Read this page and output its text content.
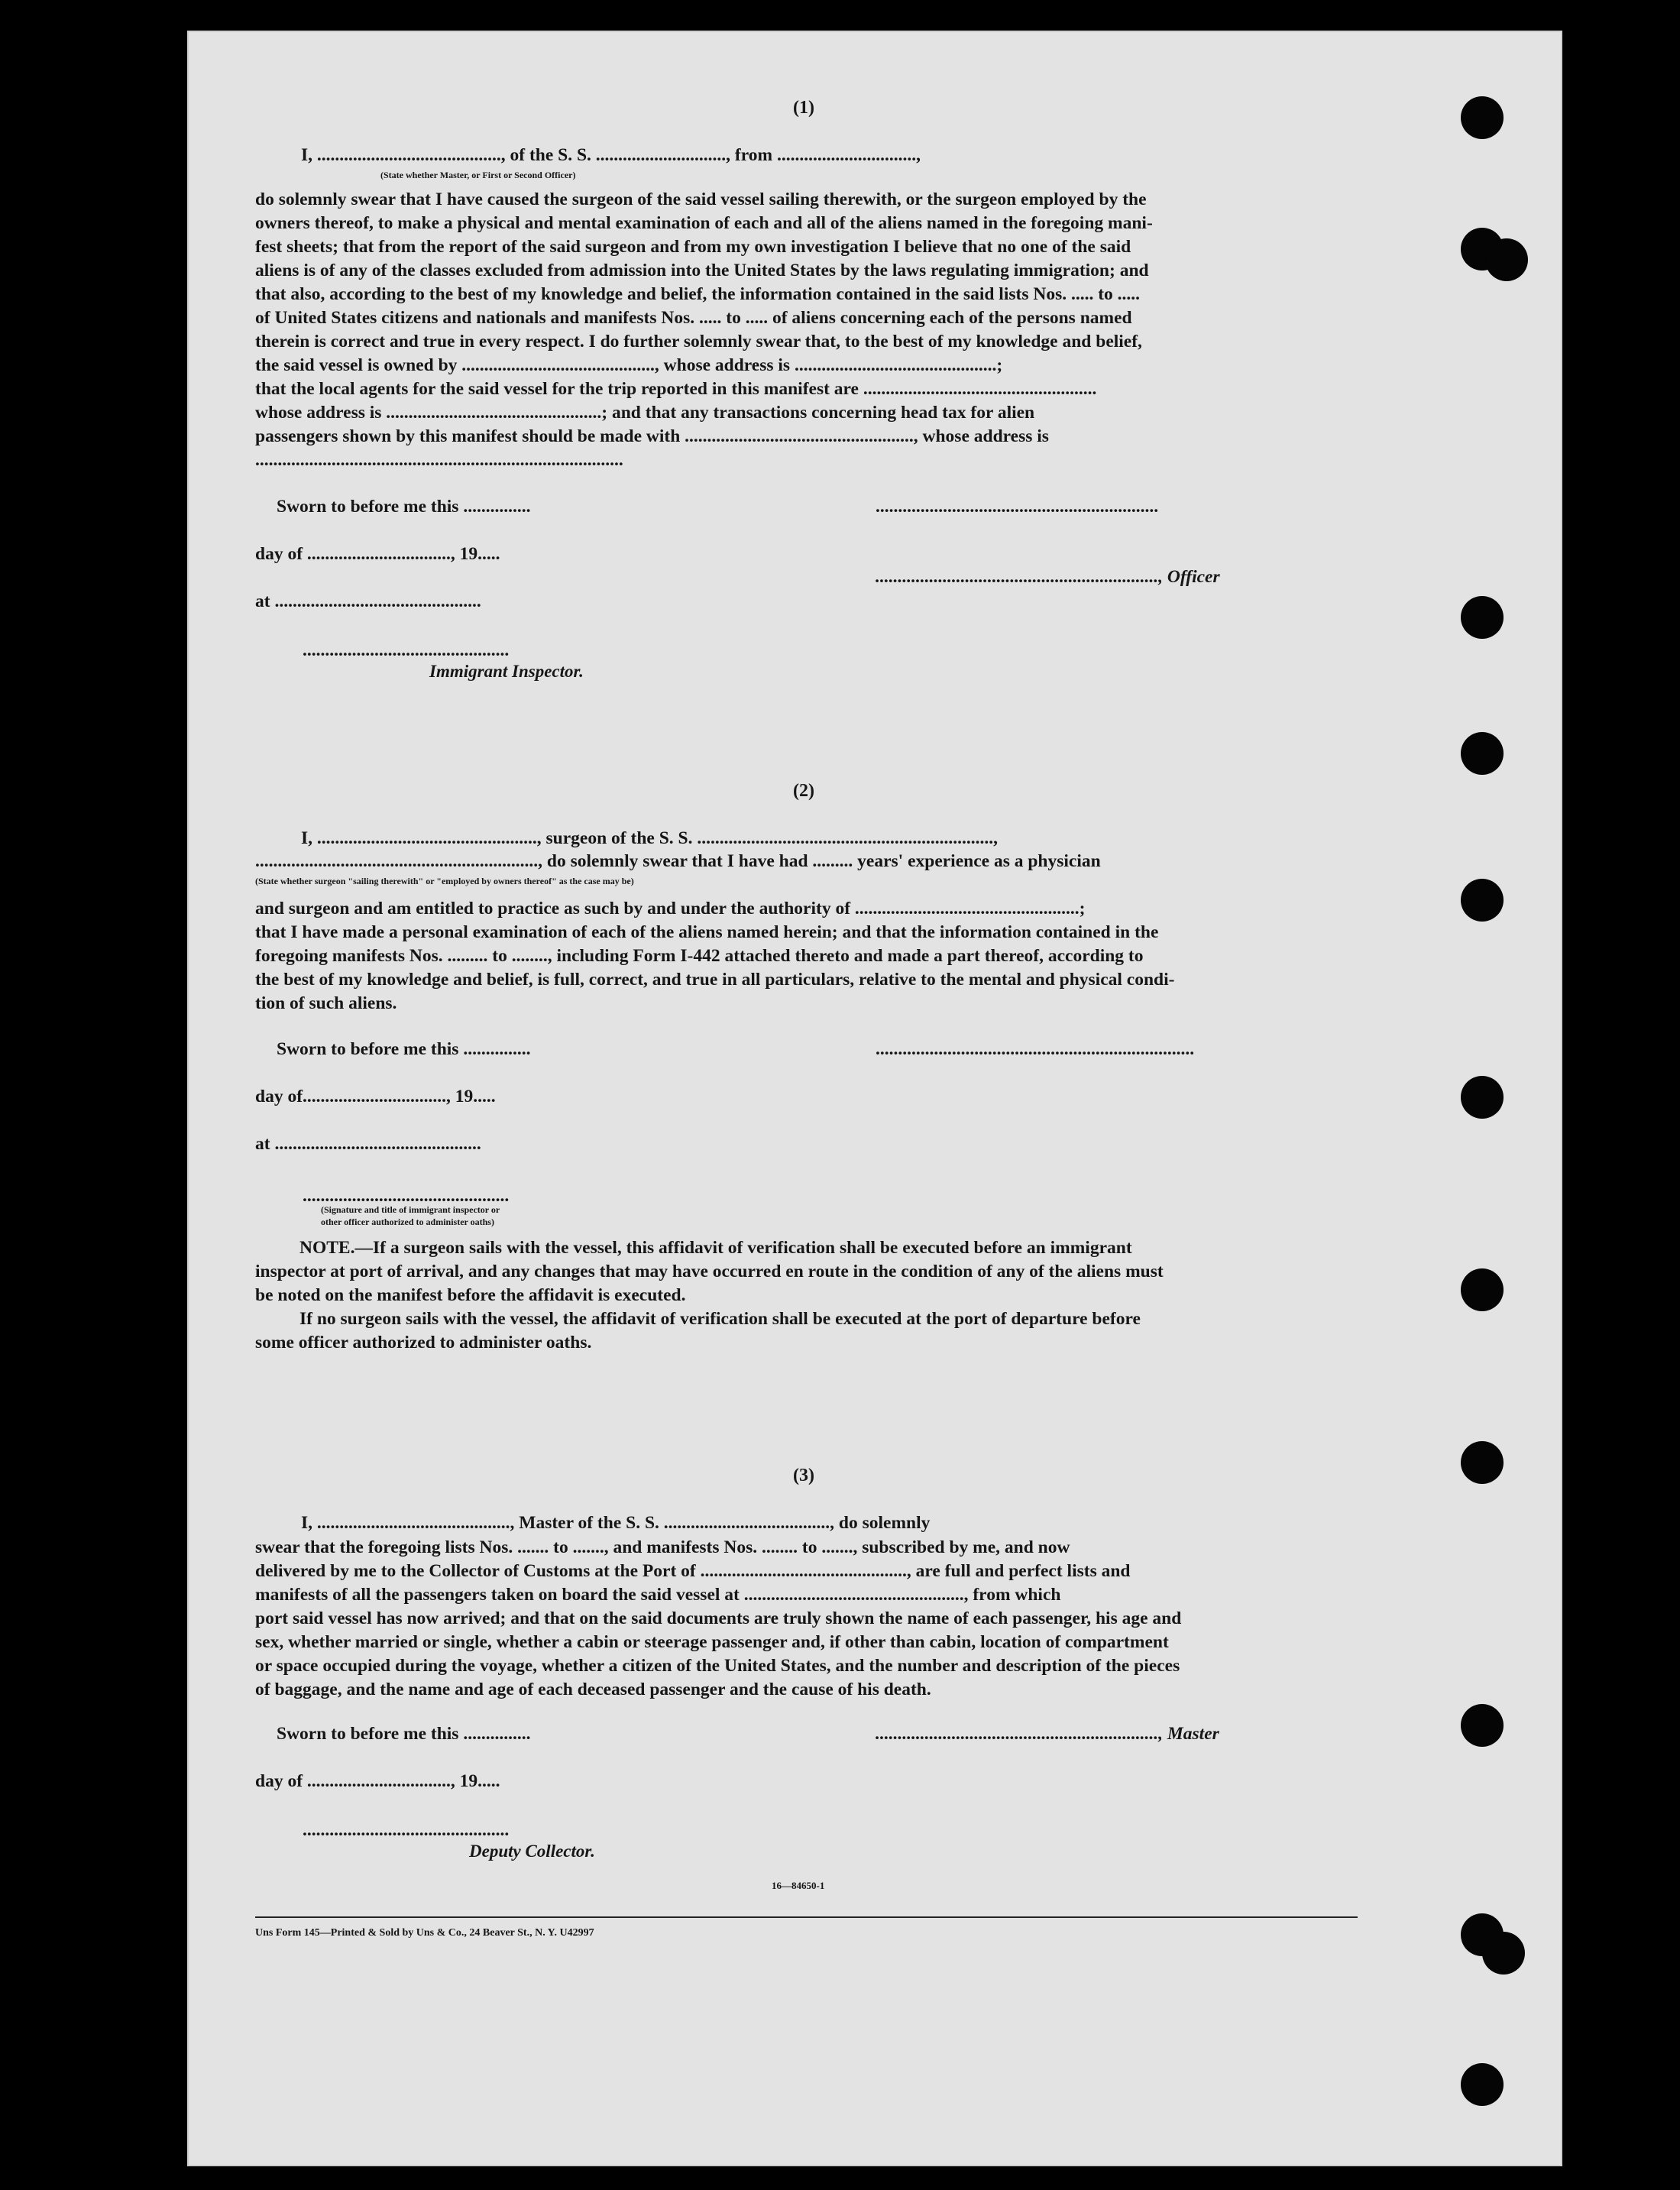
(1)
I, ........................................., of the S. S. ............................., from ...............................,
(State whether Master, or First or Second Officer)
do solemnly swear that I have caused the surgeon of the said vessel sailing therewith, or the surgeon employed by the
owners thereof, to make a physical and mental examination of each and all of the aliens named in the foregoing mani-
fest sheets; that from the report of the said surgeon and from my own investigation I believe that no one of the said
aliens is of any of the classes excluded from admission into the United States by the laws regulating immigration; and
that also, according to the best of my knowledge and belief, the information contained in the said lists Nos. ..... to .....
of United States citizens and nationals and manifests Nos. ..... to ..... of aliens concerning each of the persons named
therein is correct and true in every respect. I do further solemnly swear that, to the best of my knowledge and belief,
the said vessel is owned by ..........................................., whose address is .............................................;
that the local agents for the said vessel for the trip reported in this manifest are ....................................................
whose address is ................................................; and that any transactions concerning head tax for alien
passengers shown by this manifest should be made with ..................................................., whose address is
..................................................................................
Sworn to before me this ...............	...............................................................
day of ................................, 19.....
..............................................................., Officer
at ..............................................
..............................................
Immigrant Inspector.
(2)
I, ................................................., surgeon of the S. S. ..................................................................,
..............................................................., do solemnly swear that I have had ......... years' experience as a physician
(State whether surgeon "sailing therewith" or "employed by owners thereof" as the case may be)
and surgeon and am entitled to practice as such by and under the authority of ..................................................;
that I have made a personal examination of each of the aliens named herein; and that the information contained in the
foregoing manifests Nos. ......... to ........, including Form I-442 attached thereto and made a part thereof, according to
the best of my knowledge and belief, is full, correct, and true in all particulars, relative to the mental and physical condi-
tion of such aliens.
Sworn to before me this ...............	.......................................................................
day of................................, 19.....
at ..............................................
..............................................
(Signature and title of immigrant inspector or
other officer authorized to administer oaths)
NOTE.—If a surgeon sails with the vessel, this affidavit of verification shall be executed before an immigrant
inspector at port of arrival, and any changes that may have occurred en route in the condition of any of the aliens must
be noted on the manifest before the affidavit is executed.
If no surgeon sails with the vessel, the affidavit of verification shall be executed at the port of departure before
some officer authorized to administer oaths.
(3)
I, ..........................................., Master of the S. S. ....................................., do solemnly
swear that the foregoing lists Nos. ....... to ......., and manifests Nos. ........ to ......., subscribed by me, and now
delivered by me to the Collector of Customs at the Port of .............................................., are full and perfect lists and
manifests of all the passengers taken on board the said vessel at ................................................., from which
port said vessel has now arrived; and that on the said documents are truly shown the name of each passenger, his age and
sex, whether married or single, whether a cabin or steerage passenger and, if other than cabin, location of compartment
or space occupied during the voyage, whether a citizen of the United States, and the number and description of the pieces
of baggage, and the name and age of each deceased passenger and the cause of his death.
Sworn to before me this ...............	..............................................................., Master
day of ................................, 19.....
..............................................
Deputy Collector.
16—84650-1
Uns Form 145—Printed & Sold by Uns & Co., 24 Beaver St., N. Y. U42997
